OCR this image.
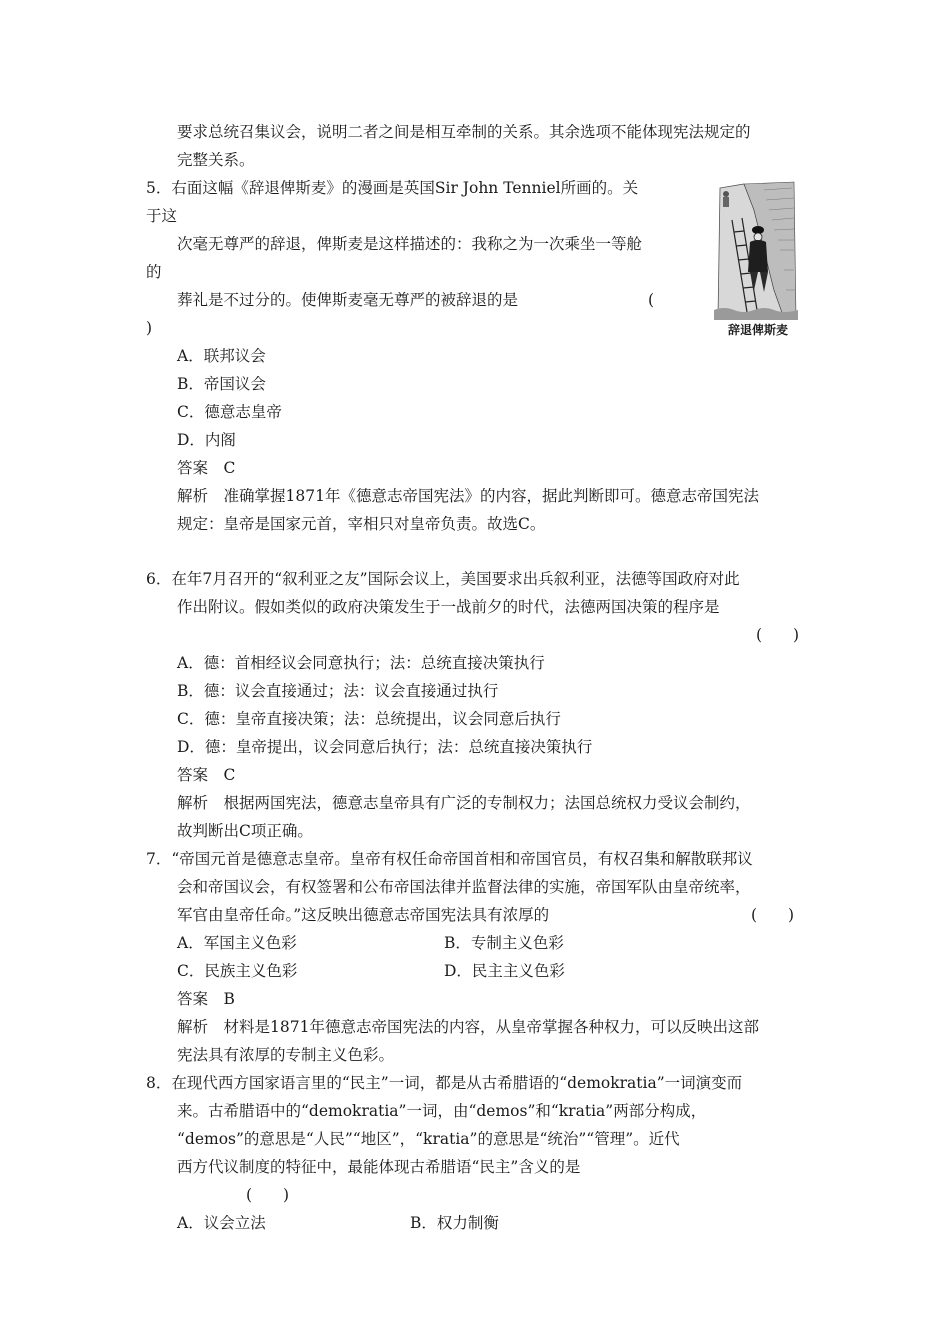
要求总统召集议会，说明二者之间是相互牵制的关系。其余选项不能体现宪法规定的
完整关系。
5．右面这幅《辞退俾斯麦》的漫画是英国Sir John Tenniel所画的。关
于这
次毫无尊严的辞退，俾斯麦是这样描述的：我称之为一次乘坐一等舱
的
葬礼是不过分的。使俾斯麦毫无尊严的被辞退的是	(
)
A．联邦议会
B．帝国议会
C．德意志皇帝
D．内阁
答案　C
解析　准确掌握1871年《德意志帝国宪法》的内容，据此判断即可。德意志帝国宪法
规定：皇帝是国家元首，宰相只对皇帝负责。故选C。
6．在年7月召开的“叙利亚之友”国际会议上，美国要求出兵叙利亚，法德等国政府对此
作出附议。假如类似的政府决策发生于一战前夕的时代，法德两国决策的程序是
(　　)
A．德：首相经议会同意执行；法：总统直接决策执行
B．德：议会直接通过；法：议会直接通过执行
C．德：皇帝直接决策；法：总统提出，议会同意后执行
D．德：皇帝提出，议会同意后执行；法：总统直接决策执行
答案　C
解析　根据两国宪法，德意志皇帝具有广泛的专制权力；法国总统权力受议会制约，
故判断出C项正确。
7．“帝国元首是德意志皇帝。皇帝有权任命帝国首相和帝国官员，有权召集和解散联邦议
会和帝国议会，有权签署和公布帝国法律并监督法律的实施，帝国军队由皇帝统率，
军官由皇帝任命。”这反映出德意志帝国宪法具有浓厚的	(　　)
A．军国主义色彩	B．专制主义色彩
C．民族主义色彩	D．民主主义色彩
答案　B
解析　材料是1871年德意志帝国宪法的内容，从皇帝掌握各种权力，可以反映出这部
宪法具有浓厚的专制主义色彩。
8．在现代西方国家语言里的“民主”一词，都是从古希腊语的“demokratia”一词演变而
来。古希腊语中的“demokratia”一词，由“demos”和“kratia”两部分构成，
“demos”的意思是“人民”“地区”，“kratia”的意思是“统治”“管理”。近代
西方代议制度的特征中，最能体现古希腊语“民主”含义的是
(　　)
A．议会立法	B．权力制衡
辞退俾斯麦
